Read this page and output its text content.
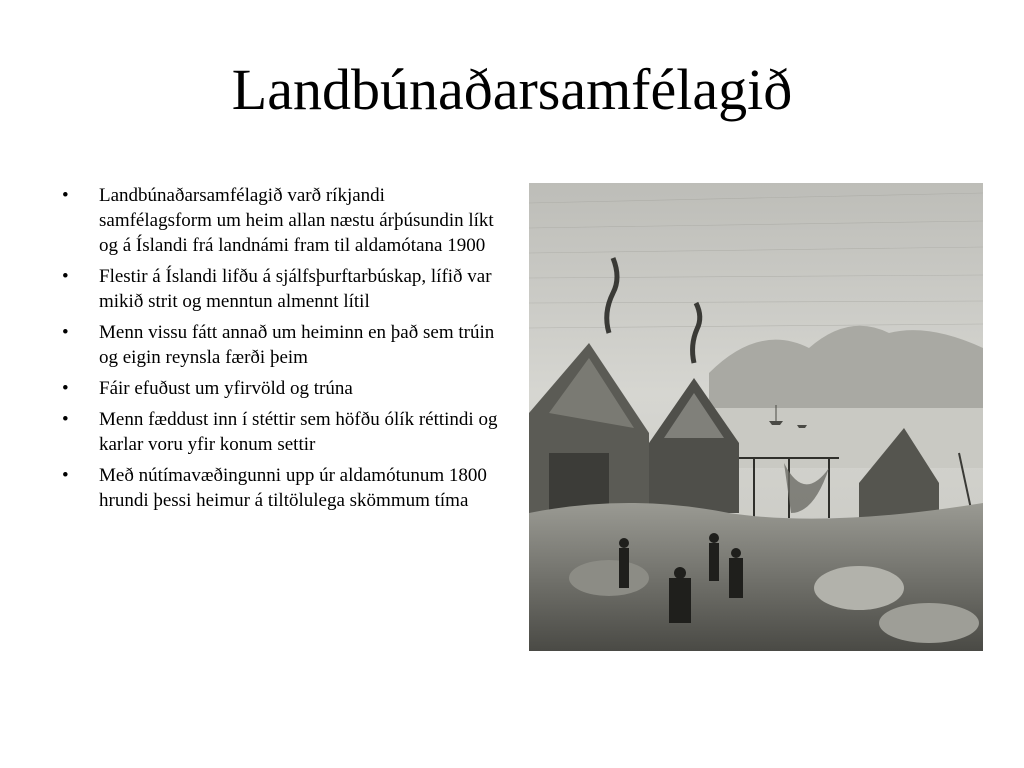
Landbúnaðarsamfélagið
• Landbúnaðarsamfélagið varð ríkjandi samfélagsform um heim allan næstu árþúsundin líkt og á Íslandi frá landnámi fram til aldamótana 1900
• Flestir á Íslandi lifðu á sjálfsþurftarbúskap, lífið var mikið strit og menntun almennt lítil
• Menn vissu fátt annað um heiminn en það sem trúin og eigin reynsla færði þeim
• Fáir efuðust um yfirvöld og trúna
• Menn fæddust inn í stéttir sem höfðu ólík réttindi og karlar voru yfir konum settir
• Með nútímavæðingunni upp úr aldamótunum 1800 hrundi þessi heimur á tiltölulega skömmum tíma
